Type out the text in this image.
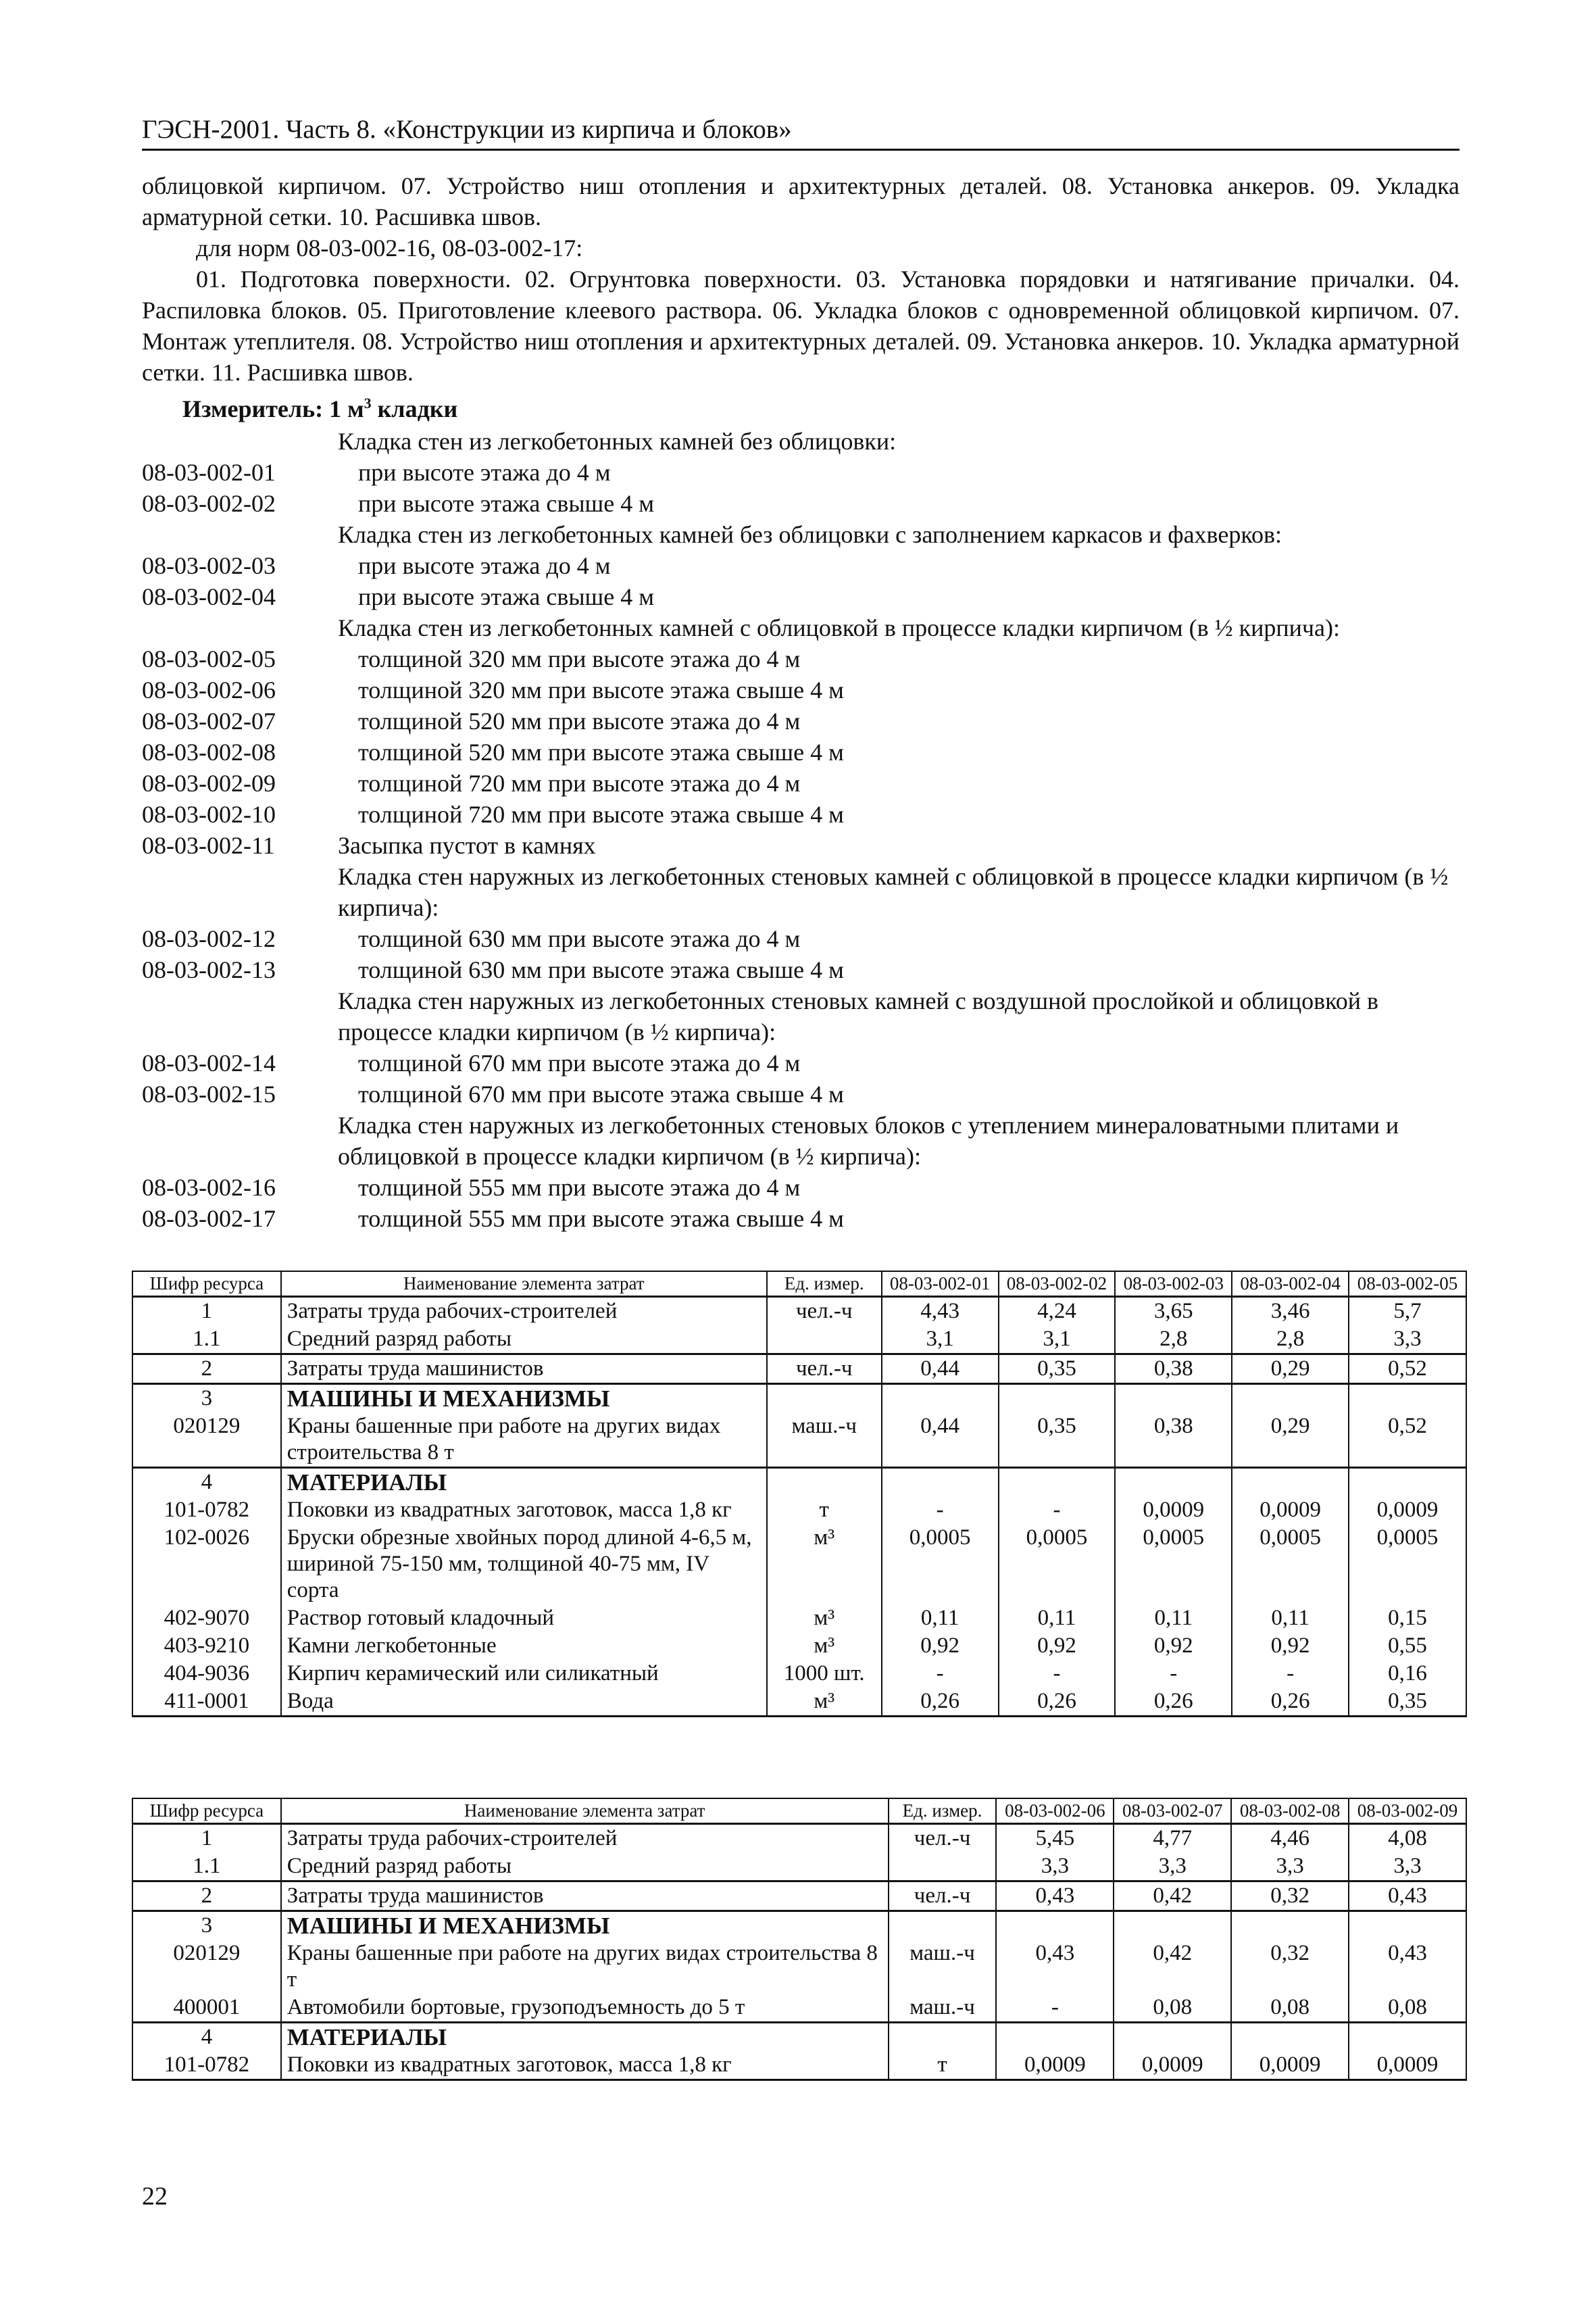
ГЭСН-2001. Часть 8. «Конструкции из кирпича и блоков»

облицовкой кирпичом. 07. Устройство ниш отопления и архитектурных деталей. 08. Установка анкеров. 09. Укладка арматурной сетки. 10. Расшивка швов.

для норм 08-03-002-16, 08-03-002-17:

01. Подготовка поверхности. 02. Огрунтовка поверхности. 03. Установка порядовки и натягивание причалки. 04. Распиловка блоков. 05. Приготовление клеевого раствора. 06. Укладка блоков с одновременной облицовкой кирпичом. 07. Монтаж утеплителя. 08. Устройство ниш отопления и архитектурных деталей. 09. Установка анкеров. 10. Укладка арматурной сетки. 11. Расшивка швов.

Измеритель: 1 $м^3$ кладки
Кладка стен из легкобетонных камней без облицовки:
08-03-002-01	при высоте этажа до 4 м
08-03-002-02	при высоте этажа свыше 4 м
Кладка стен из легкобетонных камней без облицовки с заполнением каркасов и фахверков:
08-03-002-03	при высоте этажа до 4 м
08-03-002-04	при высоте этажа свыше 4 м
Кладка стен из легкобетонных камней с облицовкой в процессе кладки кирпичом (в ½ кирпича):
08-03-002-05	толщиной 320 мм при высоте этажа до 4 м
08-03-002-06	толщиной 320 мм при высоте этажа свыше 4 м
08-03-002-07	толщиной 520 мм при высоте этажа до 4 м
08-03-002-08	толщиной 520 мм при высоте этажа свыше 4 м
08-03-002-09	толщиной 720 мм при высоте этажа до 4 м
08-03-002-10	толщиной 720 мм при высоте этажа свыше 4 м
08-03-002-11	Засыпка пустот в камнях
Кладка стен наружных из легкобетонных стеновых камней с облицовкой в процессе кладки кирпичом (в ½ кирпича):
08-03-002-12	толщиной 630 мм при высоте этажа до 4 м
08-03-002-13	толщиной 630 мм при высоте этажа свыше 4 м
Кладка стен наружных из легкобетонных стеновых камней с воздушной прослойкой и облицовкой в процессе кладки кирпичом (в ½ кирпича):
08-03-002-14	толщиной 670 мм при высоте этажа до 4 м
08-03-002-15	толщиной 670 мм при высоте этажа свыше 4 м
Кладка стен наружных из легкобетонных стеновых блоков с утеплением минераловатными плитами и облицовкой в процессе кладки кирпичом (в ½ кирпича):
08-03-002-16	толщиной 555 мм при высоте этажа до 4 м
08-03-002-17	толщиной 555 мм при высоте этажа свыше 4 м
Шифр ресурса	Наименование элемента затрат	Ед. измер.	08-03-002-01	08-03-002-02	08-03-002-03	08-03-002-04	08-03-002-05
1	Затраты труда рабочих-строителей	чел.-ч	4,43	4,24	3,65	3,46	5,7
1.1	Средний разряд работы		3,1	3,1	2,8	2,8	3,3
2	Затраты труда машинистов	чел.-ч	0,44	0,35	0,38	0,29	0,52
3	МАШИНЫ И МЕХАНИЗМЫ						
020129	Краны башенные при работе на других видах строительства 8 т	маш.-ч	0,44	0,35	0,38	0,29	0,52
4	МАТЕРИАЛЫ						
101-0782	Поковки из квадратных заготовок, масса 1,8 кг	т	-	-	0,0009	0,0009	0,0009
102-0026	Бруски обрезные хвойных пород длиной 4-6,5 м, шириной 75-150 мм, толщиной 40-75 мм, IV сорта	м³	0,0005	0,0005	0,0005	0,0005	0,0005
402-9070	Раствор готовый кладочный	м³	0,11	0,11	0,11	0,11	0,15
403-9210	Камни легкобетонные	м³	0,92	0,92	0,92	0,92	0,55
404-9036	Кирпич керамический или силикатный	1000 шт.	-	-	-	-	0,16
411-0001	Вода	м³	0,26	0,26	0,26	0,26	0,35
Шифр ресурса	Наименование элемента затрат	Ед. измер.	08-03-002-06	08-03-002-07	08-03-002-08	08-03-002-09
1	Затраты труда рабочих-строителей	чел.-ч	5,45	4,77	4,46	4,08
1.1	Средний разряд работы		3,3	3,3	3,3	3,3
2	Затраты труда машинистов	чел.-ч	0,43	0,42	0,32	0,43
3	МАШИНЫ И МЕХАНИЗМЫ					
020129	Краны башенные при работе на других видах строительства 8 т	маш.-ч	0,43	0,42	0,32	0,43
400001	Автомобили бортовые, грузоподъемность до 5 т	маш.-ч	-	0,08	0,08	0,08
4	МАТЕРИАЛЫ					
101-0782	Поковки из квадратных заготовок, масса 1,8 кг	т	0,0009	0,0009	0,0009	0,0009
22
